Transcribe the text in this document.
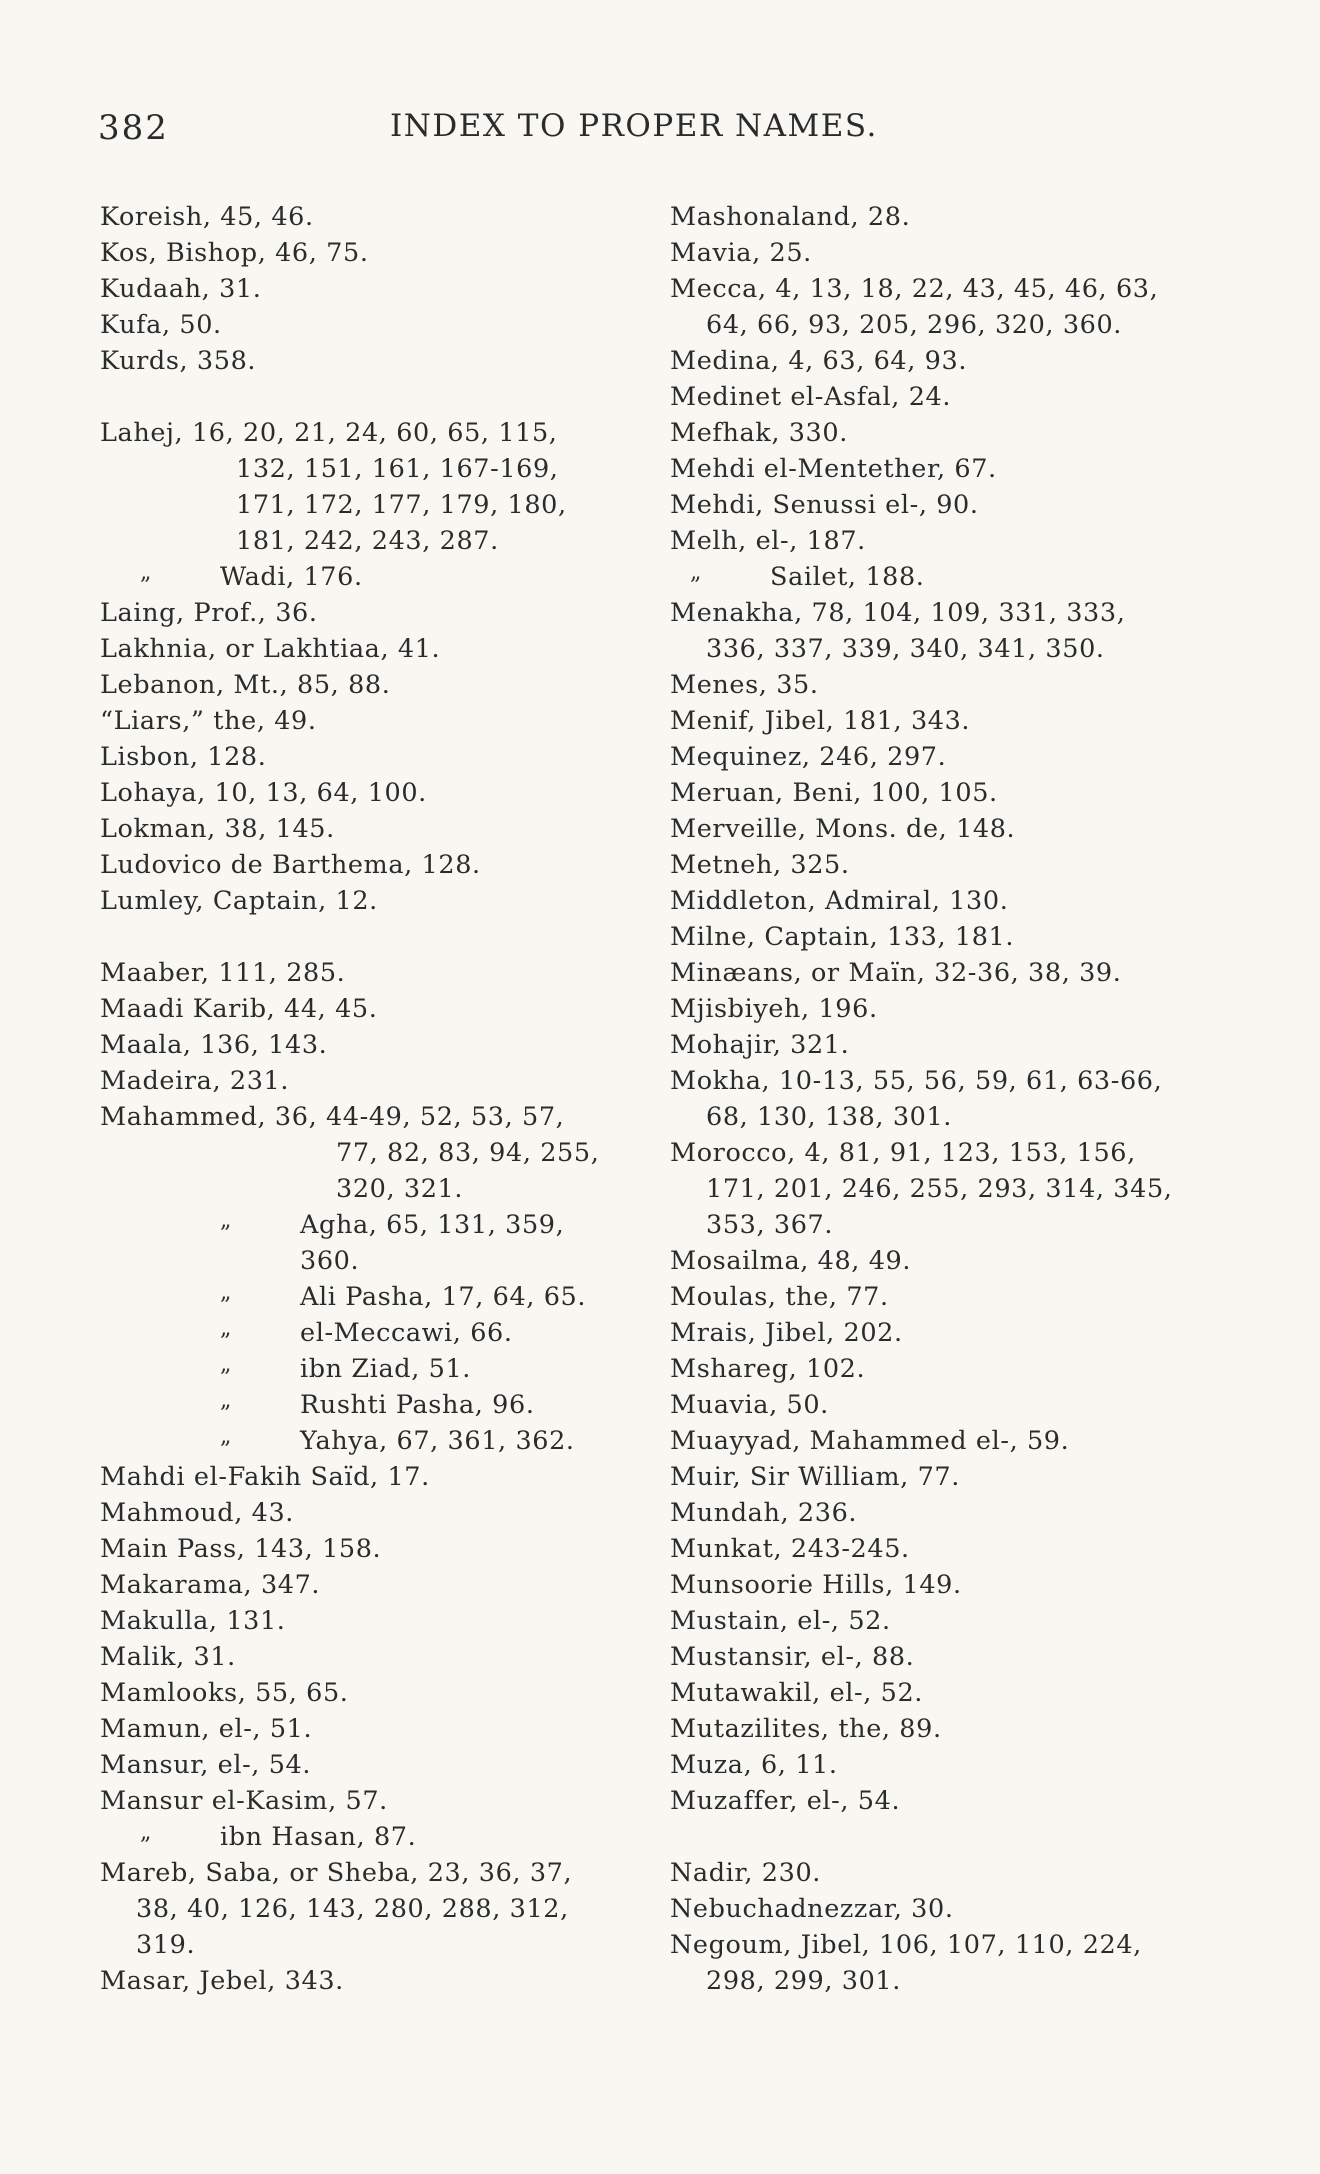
382	INDEX TO PROPER NAMES.
Koreish, 45, 46.
Kos, Bishop, 46, 75.
Kudaah, 31.
Kufa, 50.
Kurds, 358.
Lahej, 16, 20, 21, 24, 60, 65, 115,
132, 151, 161, 167-169,
171, 172, 177, 179, 180,
181, 242, 243, 287.
„	Wadi, 176.
Laing, Prof., 36.
Lakhnia, or Lakhtiaa, 41.
Lebanon, Mt., 85, 88.
“Liars,” the, 49.
Lisbon, 128.
Lohaya, 10, 13, 64, 100.
Lokman, 38, 145.
Ludovico de Barthema, 128.
Lumley, Captain, 12.
Maaber, 111, 285.
Maadi Karib, 44, 45.
Maala, 136, 143.
Madeira, 231.
Mahammed, 36, 44-49, 52, 53, 57,
77, 82, 83, 94, 255,
320, 321.
„	Agha, 65, 131, 359,
360.
„	Ali Pasha, 17, 64, 65.
„	el-Meccawi, 66.
„	ibn Ziad, 51.
„	Rushti Pasha, 96.
„	Yahya, 67, 361, 362.
Mahdi el-Fakih Saïd, 17.
Mahmoud, 43.
Main Pass, 143, 158.
Makarama, 347.
Makulla, 131.
Malik, 31.
Mamlooks, 55, 65.
Mamun, el-, 51.
Mansur, el-, 54.
Mansur el-Kasim, 57.
„	ibn Hasan, 87.
Mareb, Saba, or Sheba, 23, 36, 37,
38, 40, 126, 143, 280, 288, 312,
319.
Masar, Jebel, 343.
Mashonaland, 28.
Mavia, 25.
Mecca, 4, 13, 18, 22, 43, 45, 46, 63,
64, 66, 93, 205, 296, 320, 360.
Medina, 4, 63, 64, 93.
Medinet el-Asfal, 24.
Mefhak, 330.
Mehdi el-Mentether, 67.
Mehdi, Senussi el-, 90.
Melh, el-, 187.
„	Sailet, 188.
Menakha, 78, 104, 109, 331, 333,
336, 337, 339, 340, 341, 350.
Menes, 35.
Menif, Jibel, 181, 343.
Mequinez, 246, 297.
Meruan, Beni, 100, 105.
Merveille, Mons. de, 148.
Metneh, 325.
Middleton, Admiral, 130.
Milne, Captain, 133, 181.
Minæans, or Maïn, 32-36, 38, 39.
Mjisbiyeh, 196.
Mohajir, 321.
Mokha, 10-13, 55, 56, 59, 61, 63-66,
68, 130, 138, 301.
Morocco, 4, 81, 91, 123, 153, 156,
171, 201, 246, 255, 293, 314, 345,
353, 367.
Mosailma, 48, 49.
Moulas, the, 77.
Mrais, Jibel, 202.
Mshareg, 102.
Muavia, 50.
Muayyad, Mahammed el-, 59.
Muir, Sir William, 77.
Mundah, 236.
Munkat, 243-245.
Munsoorie Hills, 149.
Mustain, el-, 52.
Mustansir, el-, 88.
Mutawakil, el-, 52.
Mutazilites, the, 89.
Muza, 6, 11.
Muzaffer, el-, 54.
Nadir, 230.
Nebuchadnezzar, 30.
Negoum, Jibel, 106, 107, 110, 224,
298, 299, 301.
